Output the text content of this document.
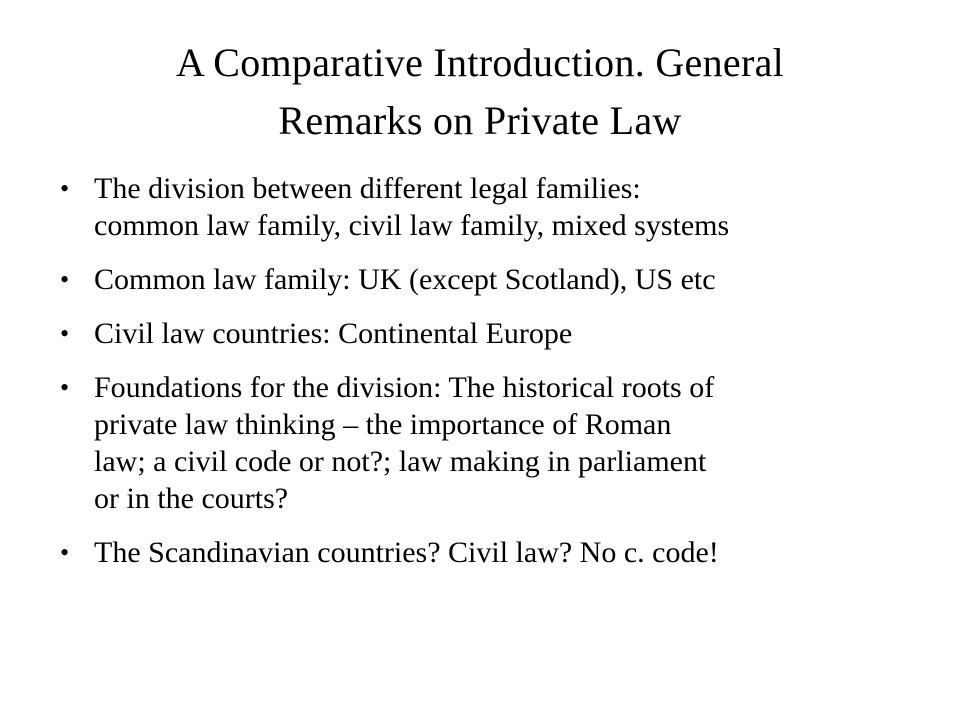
A Comparative Introduction. General
Remarks on Private Law
• The division between different legal families:
common law family, civil law family, mixed systems
• Common law family: UK (except Scotland), US etc
• Civil law countries: Continental Europe
• Foundations for the division: The historical roots of
private law thinking – the importance of Roman
law; a civil code or not?; law making in parliament
or in the courts?
• The Scandinavian countries? Civil law? No c. code!
